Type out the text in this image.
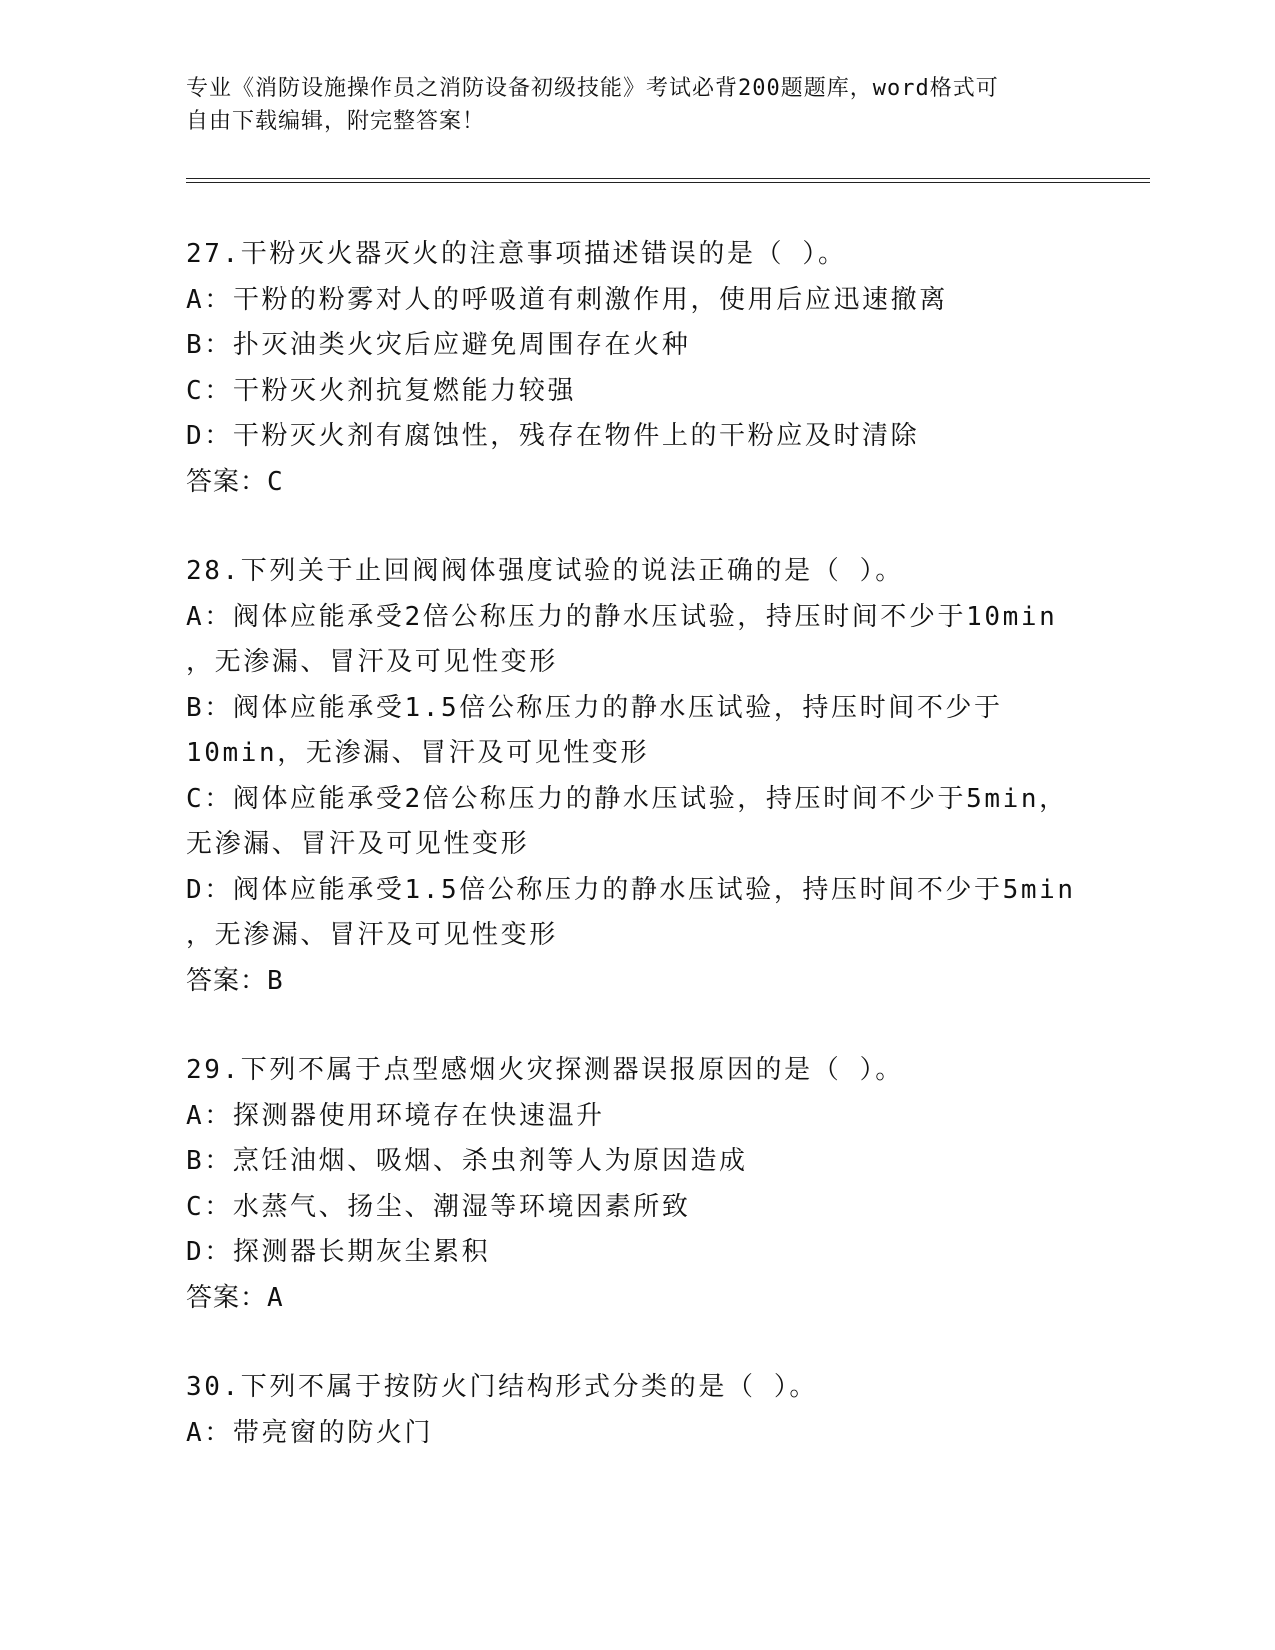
专业《消防设施操作员之消防设备初级技能》考试必背200题题库，word格式可
自由下载编辑，附完整答案！
27.干粉灭火器灭火的注意事项描述错误的是（ ）。
A：干粉的粉雾对人的呼吸道有刺激作用，使用后应迅速撤离
B：扑灭油类火灾后应避免周围存在火种
C：干粉灭火剂抗复燃能力较强
D：干粉灭火剂有腐蚀性，残存在物件上的干粉应及时清除
答案：C
28.下列关于止回阀阀体强度试验的说法正确的是（ ）。
A：阀体应能承受2倍公称压力的静水压试验，持压时间不少于10min
，无渗漏、冒汗及可见性变形
B：阀体应能承受1.5倍公称压力的静水压试验，持压时间不少于
10min，无渗漏、冒汗及可见性变形
C：阀体应能承受2倍公称压力的静水压试验，持压时间不少于5min，
无渗漏、冒汗及可见性变形
D：阀体应能承受1.5倍公称压力的静水压试验，持压时间不少于5min
，无渗漏、冒汗及可见性变形
答案：B
29.下列不属于点型感烟火灾探测器误报原因的是（ ）。
A：探测器使用环境存在快速温升
B：烹饪油烟、吸烟、杀虫剂等人为原因造成
C：水蒸气、扬尘、潮湿等环境因素所致
D：探测器长期灰尘累积
答案：A
30.下列不属于按防火门结构形式分类的是（ ）。
A：带亮窗的防火门
